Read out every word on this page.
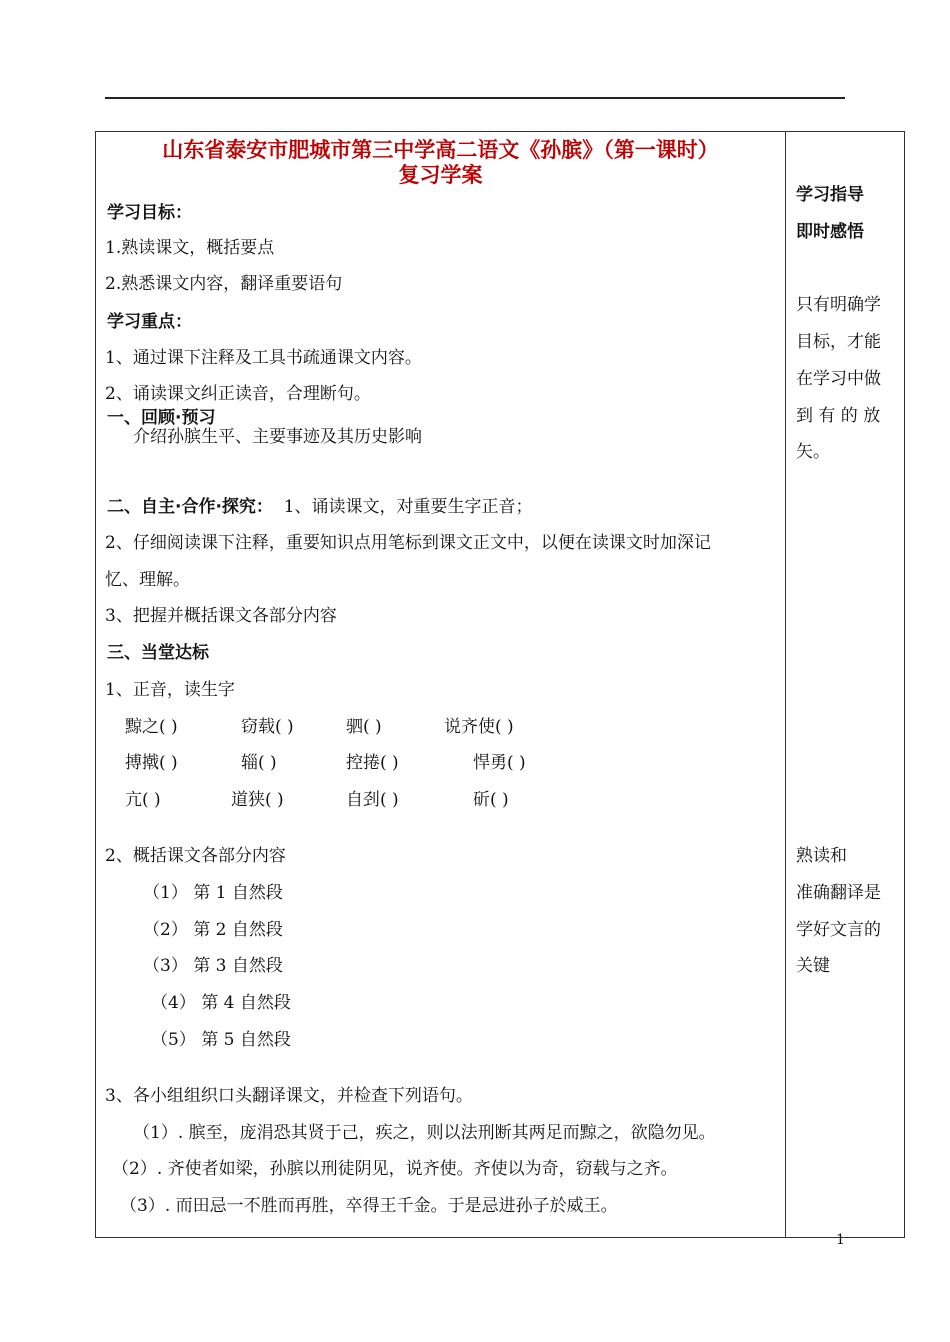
山东省泰安市肥城市第三中学高二语文《孙膑》（第一课时）
复习学案
学习目标：
1.熟读课文，概括要点
2.熟悉课文内容，翻译重要语句
学习重点：
1、通过课下注释及工具书疏通课文内容。
2、诵读课文纠正读音，合理断句。
一、回顾·预习
介绍孙膑生平、主要事迹及其历史影响
二、自主·合作·探究： 1、诵读课文，对重要生字正音；
2、仔细阅读课下注释，重要知识点用笔标到课文正文中，以便在读课文时加深记
忆、理解。
3、把握并概括课文各部分内容
三、当堂达标
1、正音，读生字
黥之( )	窃载( )	驷( )	说齐使( )
搏撠( )	辎( )	控捲( )	悍勇( )
亢( )	道狭( )	自刭( )	斫( )
2、概括课文各部分内容
（1） 第 1 自然段
（2） 第 2 自然段
（3） 第 3 自然段
（4） 第 4 自然段
（5） 第 5 自然段
3、各小组组织口头翻译课文，并检查下列语句。
（1）. 膑至，庞涓恐其贤于己，疾之，则以法刑断其两足而黥之，欲隐勿见。
（2）. 齐使者如梁，孙膑以刑徒阴见，说齐使。齐使以为奇，窃载与之齐。
（3）. 而田忌一不胜而再胜，卒得王千金。于是忌进孙子於威王。
学习指导
即时感悟
只有明确学
目标，才能
在学习中做
到 有 的 放
矢。
熟读和
准确翻译是
学好文言的
关键
1
